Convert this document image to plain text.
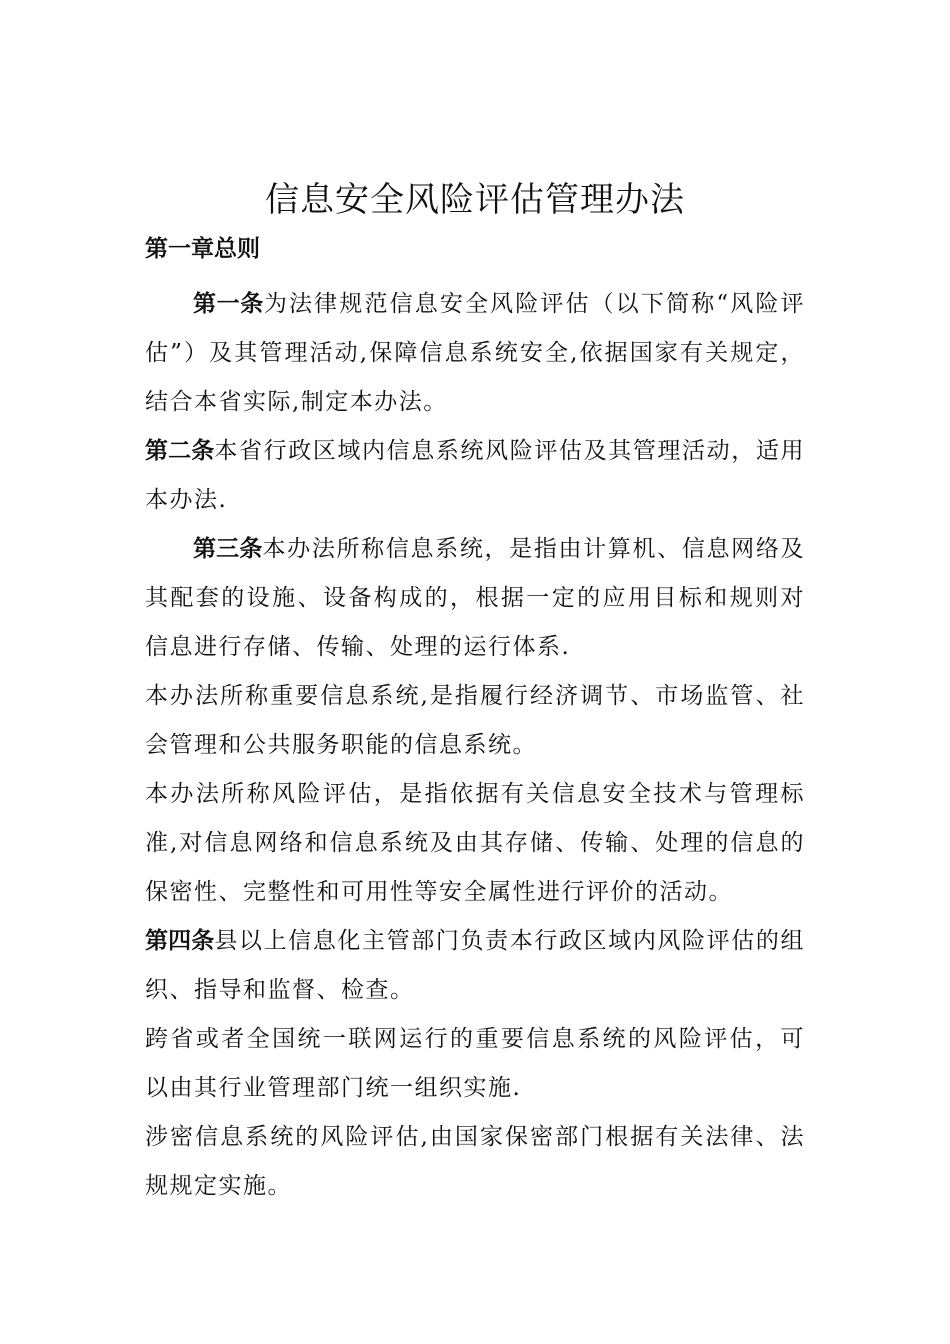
信息安全风险评估管理办法
第一章总则

第一条为法律规范信息安全风险评估（以下简称“风险评估”）及其管理活动,保障信息系统安全,依据国家有关规定，结合本省实际,制定本办法。

第二条本省行政区域内信息系统风险评估及其管理活动，适用本办法.

第三条本办法所称信息系统，是指由计算机、信息网络及其配套的设施、设备构成的，根据一定的应用目标和规则对信息进行存储、传输、处理的运行体系.

本办法所称重要信息系统,是指履行经济调节、市场监管、社会管理和公共服务职能的信息系统。

本办法所称风险评估，是指依据有关信息安全技术与管理标准,对信息网络和信息系统及由其存储、传输、处理的信息的保密性、完整性和可用性等安全属性进行评价的活动。

第四条县以上信息化主管部门负责本行政区域内风险评估的组织、指导和监督、检查。

跨省或者全国统一联网运行的重要信息系统的风险评估，可以由其行业管理部门统一组织实施.

涉密信息系统的风险评估,由国家保密部门根据有关法律、法规规定实施。
